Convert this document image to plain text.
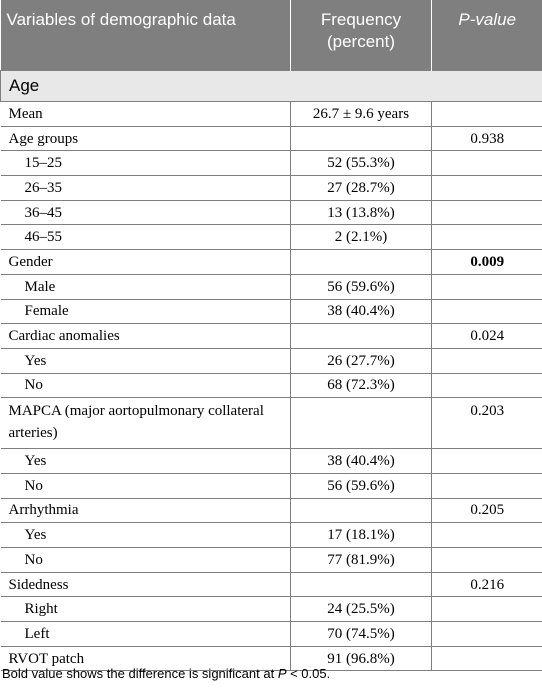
Variables of demographic data	Frequency (percent)	P-value
Age		
Mean	26.7 ± 9.6 years	
Age groups		0.938
15–25	52 (55.3%)	
26–35	27 (28.7%)	
36–45	13 (13.8%)	
46–55	2 (2.1%)	
Gender		0.009
Male	56 (59.6%)	
Female	38 (40.4%)	
Cardiac anomalies		0.024
Yes	26 (27.7%)	
No	68 (72.3%)	
MAPCA (major aortopulmonary collateral arteries)		0.203
Yes	38 (40.4%)	
No	56 (59.6%)	
Arrhythmia		0.205
Yes	17 (18.1%)	
No	77 (81.9%)	
Sidedness		0.216
Right	24 (25.5%)	
Left	70 (74.5%)	
RVOT patch	91 (96.8%)	
Bold value shows the difference is significant at P < 0.05.
